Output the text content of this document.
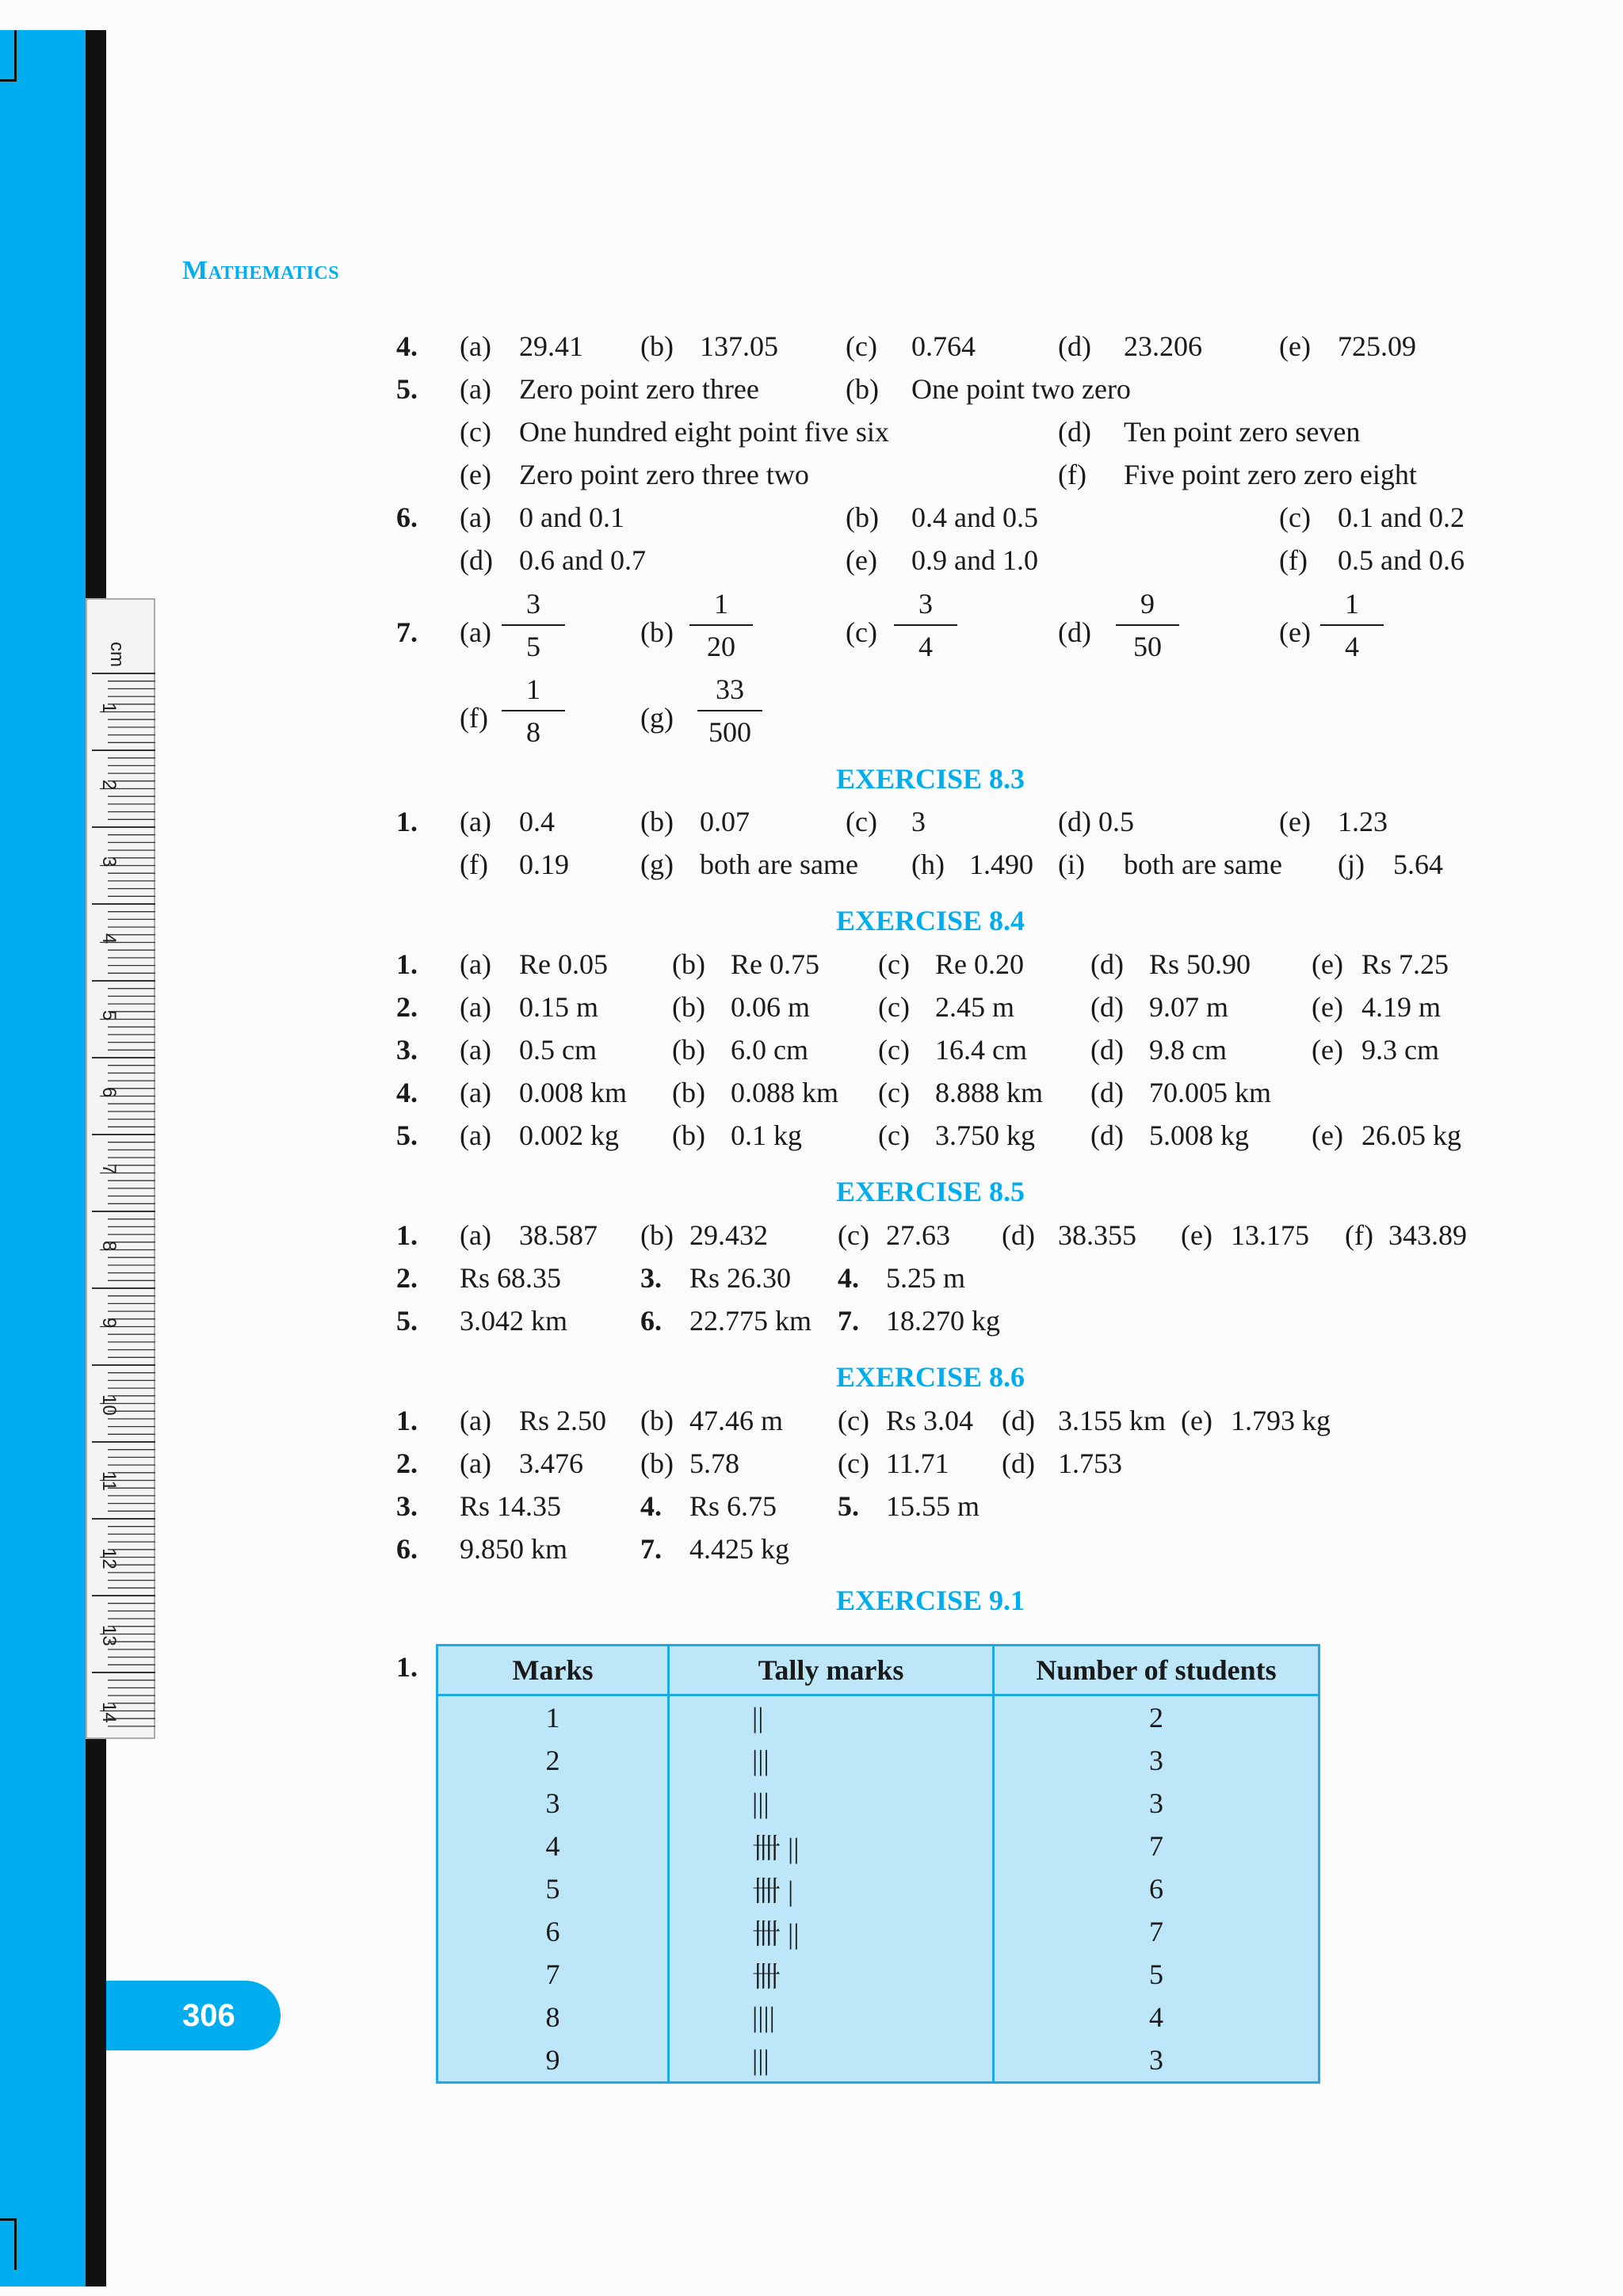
cm
1
2
3
4
5
6
7
8
9
10
11
12
13
14
306
Mathematics
4. (a) 29.41 (b) 137.05 (c) 0.764	(d) 23.206	(e) 725.09
5. (a) Zero point zero three	(b) One point two zero
(c) One hundred eight point five six	(d) Ten point zero seven
(e) Zero point zero three two	(f) Five point zero zero eight
6. (a) 0 and 0.1	(b) 0.4 and 0.5	(c) 0.1 and 0.2
(d) 0.6 and 0.7	(e) 0.9 and 1.0	(f) 0.5 and 0.6
7. $(a) \frac{3}{5}$	$(b) \frac{1}{20}$	$(c) \frac{3}{4}$	$(d) \frac{9}{50}$	$(e) \frac{1}{4}$
$(f) \frac{1}{8}$	$(g) \frac{33}{500}$
EXERCISE 8.3
1. (a) 0.4	(b) 0.07	(c) 3	(d) 0.5	(e) 1.23
(f) 0.19	(g) both are same (h) 1.490 (i) both are same (j) 5.64
EXERCISE 8.4
1. (a) Re 0.05 (b) Re 0.75 (c) Re 0.20 (d) Rs 50.90 (e) Rs 7.25
2. (a) 0.15 m	(b) 0.06 m (c) 2.45 m	(d) 9.07 m	(e) 4.19 m
3. (a) 0.5 cm	(b) 6.0 cm (c) 16.4 cm (d) 9.8 cm	(e) 9.3 cm
4. (a) 0.008 km (b) 0.088 km (c) 8.888 km (d) 70.005 km
5. (a) 0.002 kg (b) 0.1 kg	(c) 3.750 kg (d) 5.008 kg (e) 26.05 kg
EXERCISE 8.5
1. (a) 38.587 (b) 29.432 (c) 27.63 (d) 38.355 (e) 13.175 (f) 343.89
2. Rs 68.35	3. Rs 26.30 4. 5.25 m
5. 3.042 km	6. 22.775 km 7. 18.270 kg
EXERCISE 8.6
1. (a) Rs 2.50 (b) 47.46 m (c) Rs 3.04 (d) 3.155 km (e) 1.793 kg
2. (a) 3.476 (b) 5.78	(c) 11.71 (d) 1.753
3. Rs 14.35	4. Rs 6.75 5. 15.55 m
6. 9.850 km	7. 4.425 kg
EXERCISE 9.1
1.	Marks	Tally marks	Number of students
1	||	2
2	|||	3
3	|||	3
4	卌 ||	7
5	卌 |	6
6	卌 ||	7
7	卌	5
8	||||	4
9	|||	3
